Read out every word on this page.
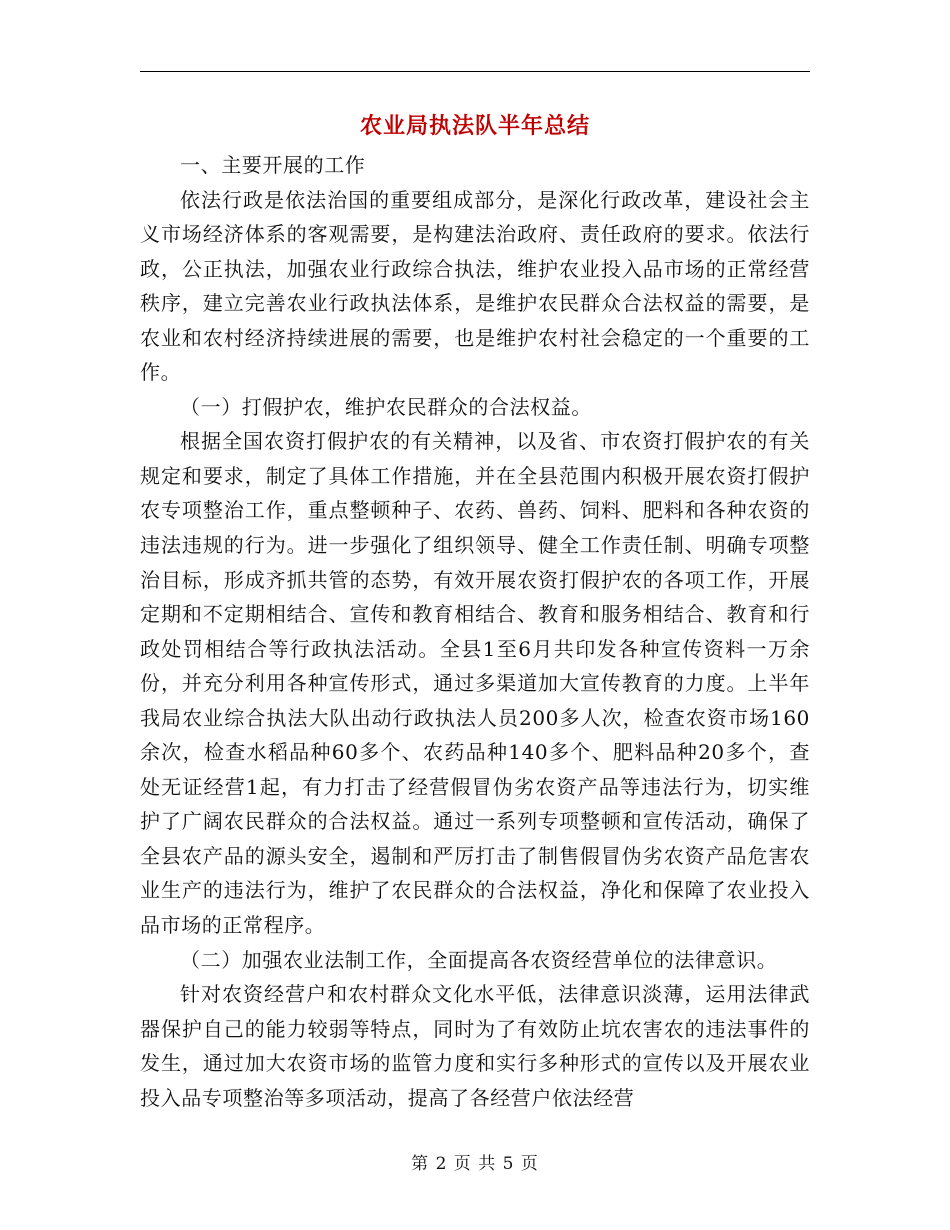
农业局执法队半年总结

一、主要开展的工作

依法行政是依法治国的重要组成部分，是深化行政改革，建设社会主义市场经济体系的客观需要，是构建法治政府、责任政府的要求。依法行政，公正执法，加强农业行政综合执法，维护农业投入品市场的正常经营秩序，建立完善农业行政执法体系，是维护农民群众合法权益的需要，是农业和农村经济持续进展的需要，也是维护农村社会稳定的一个重要的工作。

（一）打假护农，维护农民群众的合法权益。

根据全国农资打假护农的有关精神，以及省、市农资打假护农的有关规定和要求，制定了具体工作措施，并在全县范围内积极开展农资打假护农专项整治工作，重点整顿种子、农药、兽药、饲料、肥料和各种农资的违法违规的行为。进一步强化了组织领导、健全工作责任制、明确专项整治目标，形成齐抓共管的态势，有效开展农资打假护农的各项工作，开展定期和不定期相结合、宣传和教育相结合、教育和服务相结合、教育和行政处罚相结合等行政执法活动。全县1至6月共印发各种宣传资料一万余份，并充分利用各种宣传形式，通过多渠道加大宣传教育的力度。上半年我局农业综合执法大队出动行政执法人员200多人次，检查农资市场160余次，检查水稻品种60多个、农药品种140多个、肥料品种20多个，查处无证经营1起，有力打击了经营假冒伪劣农资产品等违法行为，切实维护了广阔农民群众的合法权益。通过一系列专项整顿和宣传活动，确保了全县农产品的源头安全，遏制和严厉打击了制售假冒伪劣农资产品危害农业生产的违法行为，维护了农民群众的合法权益，净化和保障了农业投入品市场的正常程序。

（二）加强农业法制工作，全面提高各农资经营单位的法律意识。

针对农资经营户和农村群众文化水平低，法律意识淡薄，运用法律武器保护自己的能力较弱等特点，同时为了有效防止坑农害农的违法事件的发生，通过加大农资市场的监管力度和实行多种形式的宣传以及开展农业投入品专项整治等多项活动，提高了各经营户依法经营

第 2 页 共 5 页
